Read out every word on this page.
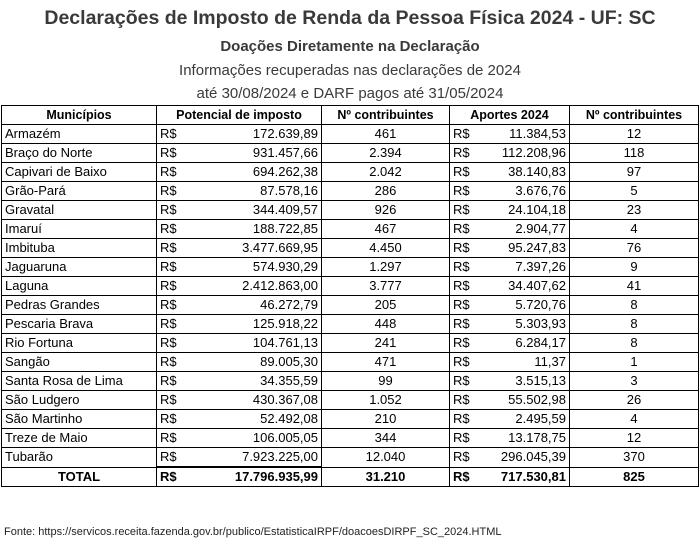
Declarações de Imposto de Renda da Pessoa Física 2024 - UF: SC
Doações Diretamente na Declaração
Informações recuperadas nas declarações de 2024
até 30/08/2024 e DARF pagos até 31/05/2024
Municípios	Potencial de imposto	Nº contribuintes	Aportes 2024	Nº contribuintes
Armazém	R$ 172.639,89	461	R$ 11.384,53	12
Braço do Norte	R$ 931.457,66	2.394	R$ 112.208,96	118
Capivari de Baixo	R$ 694.262,38	2.042	R$ 38.140,83	97
Grão-Pará	R$ 87.578,16	286	R$ 3.676,76	5
Gravatal	R$ 344.409,57	926	R$ 24.104,18	23
Imaruí	R$ 188.722,85	467	R$ 2.904,77	4
Imbituba	R$ 3.477.669,95	4.450	R$ 95.247,83	76
Jaguaruna	R$ 574.930,29	1.297	R$ 7.397,26	9
Laguna	R$ 2.412.863,00	3.777	R$ 34.407,62	41
Pedras Grandes	R$ 46.272,79	205	R$ 5.720,76	8
Pescaria Brava	R$ 125.918,22	448	R$ 5.303,93	8
Rio Fortuna	R$ 104.761,13	241	R$ 6.284,17	8
Sangão	R$ 89.005,30	471	R$ 11,37	1
Santa Rosa de Lima	R$ 34.355,59	99	R$ 3.515,13	3
São Ludgero	R$ 430.367,08	1.052	R$ 55.502,98	26
São Martinho	R$ 52.492,08	210	R$ 2.495,59	4
Treze de Maio	R$ 106.005,05	344	R$ 13.178,75	12
Tubarão	R$ 7.923.225,00	12.040	R$ 296.045,39	370
TOTAL	R$ 17.796.935,99	31.210	R$ 717.530,81	825
Fonte: https://servicos.receita.fazenda.gov.br/publico/EstatisticaIRPF/doacoesDIRPF_SC_2024.HTML
